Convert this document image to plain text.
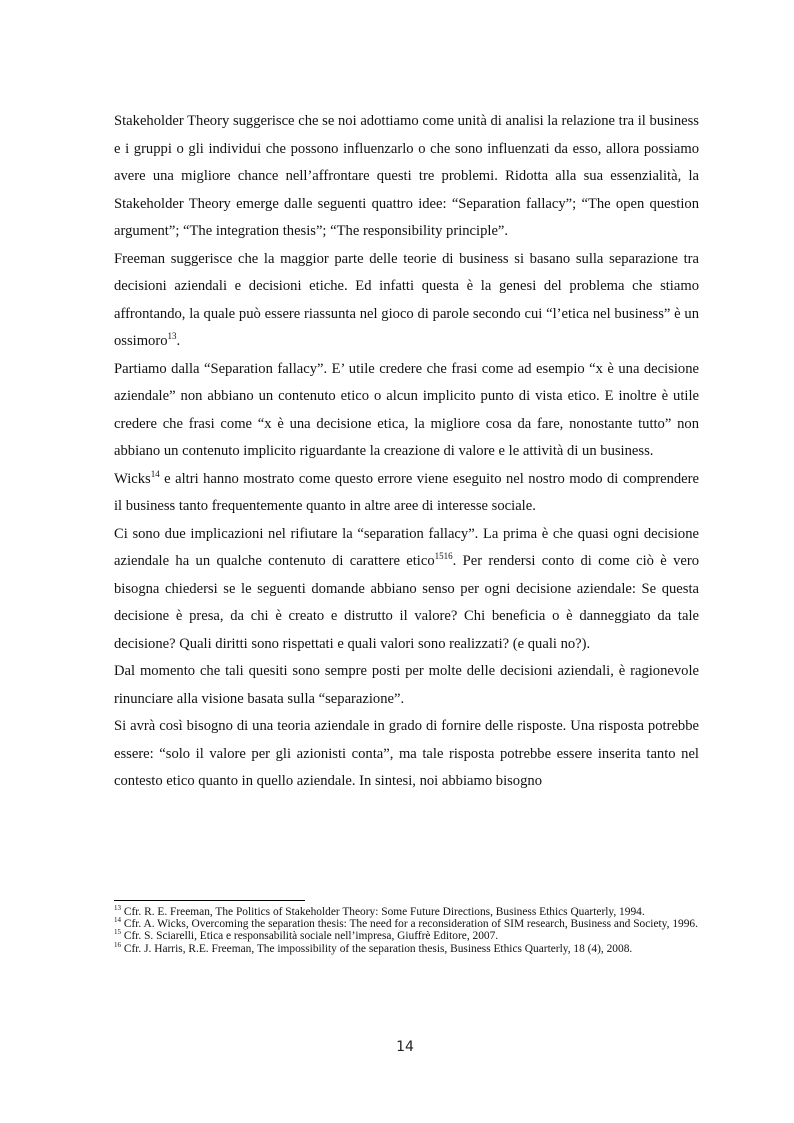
Stakeholder Theory suggerisce che se noi adottiamo come unità di analisi la relazione tra il business e i gruppi o gli individui che possono influenzarlo o che sono influenzati da esso, allora possiamo avere una migliore chance nell’affrontare questi tre problemi. Ridotta alla sua essenzialità, la Stakeholder Theory emerge dalle seguenti quattro idee: “Separation fallacy”; “The open question argument”; “The integration thesis”; “The responsibility principle”.

Freeman suggerisce che la maggior parte delle teorie di business si basano sulla separazione tra decisioni aziendali e decisioni etiche. Ed infatti questa è la genesi del problema che stiamo affrontando, la quale può essere riassunta nel gioco di parole secondo cui “l’etica nel business” è un ossimoro$^{13}$.

Partiamo dalla “Separation fallacy”. E’ utile credere che frasi come ad esempio “x è una decisione aziendale” non abbiano un contenuto etico o alcun implicito punto di vista etico. E inoltre è utile credere che frasi come “x è una decisione etica, la migliore cosa da fare, nonostante tutto” non abbiano un contenuto implicito riguardante la creazione di valore e le attività di un business.

Wicks$^{14}$ e altri hanno mostrato come questo errore viene eseguito nel nostro modo di comprendere il business tanto frequentemente quanto in altre aree di interesse sociale.

Ci sono due implicazioni nel rifiutare la “separation fallacy”. La prima è che quasi ogni decisione aziendale ha un qualche contenuto di carattere etico$^{1516}$. Per rendersi conto di come ciò è vero bisogna chiedersi se le seguenti domande abbiano senso per ogni decisione aziendale: Se questa decisione è presa, da chi è creato e distrutto il valore? Chi beneficia o è danneggiato da tale decisione? Quali diritti sono rispettati e quali valori sono realizzati? (e quali no?).

Dal momento che tali quesiti sono sempre posti per molte delle decisioni aziendali, è ragionevole rinunciare alla visione basata sulla “separazione”.

Si avrà così bisogno di una teoria aziendale in grado di fornire delle risposte. Una risposta potrebbe essere: “solo il valore per gli azionisti conta”, ma tale risposta potrebbe essere inserita tanto nel contesto etico quanto in quello aziendale. In sintesi, noi abbiamo bisogno

$^{13}$ Cfr. R. E. Freeman, The Politics of Stakeholder Theory: Some Future Directions, Business Ethics Quarterly, 1994.

$^{14}$ Cfr. A. Wicks, Overcoming the separation thesis: The need for a reconsideration of SIM research, Business and Society, 1996.

$^{15}$ Cfr. S. Sciarelli, Etica e responsabilità sociale nell’impresa, Giuffrè Editore, 2007.

$^{16}$ Cfr. J. Harris, R.E. Freeman, The impossibility of the separation thesis, Business Ethics Quarterly, 18 (4), 2008.

14
